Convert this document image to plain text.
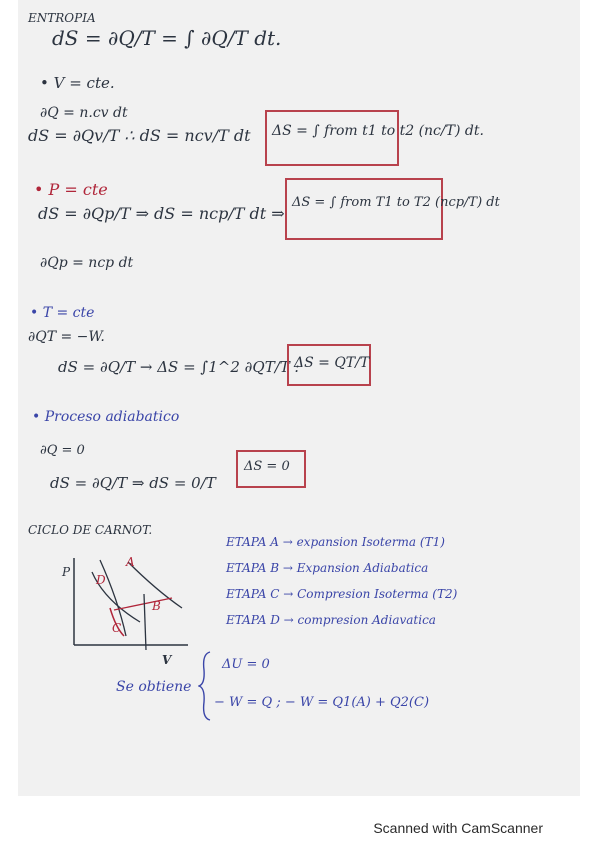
ENTROPIA
dS = ∂Q/T = ∫ ∂Q/T dt.
• V = cte.
∂Q = n.cv dt
dS = ∂Qv/T ∴ dS = ncv/T dt ΔS = ∫ from t1 to t2 (nc/T) dt.
• P = cte
dS = ∂Qp/T ⇒ dS = ncp/T dt ⇒
ΔS = ∫ from T1 to T2 (ncp/T) dt
∂Qp = ncp dt
• T = cte
∂QT = −W.
dS = ∂Q/T → ΔS = ∫1^2 ∂QT/T :
ΔS = QT/T
• Proceso adiabatico
∂Q = 0
dS = ∂Q/T ⇒ dS = 0/T
ΔS = 0
CICLO DE CARNOT.
P
V
A
B
C
D
ETAPA A → expansion Isoterma (T1)
ETAPA B → Expansion Adiabatica
ETAPA C → Compresion Isoterma (T2)
ETAPA D → compresion Adiavatica
Se obtiene
ΔU = 0
− W = Q ; − W = Q1(A) + Q2(C)
Scanned with CamScanner
